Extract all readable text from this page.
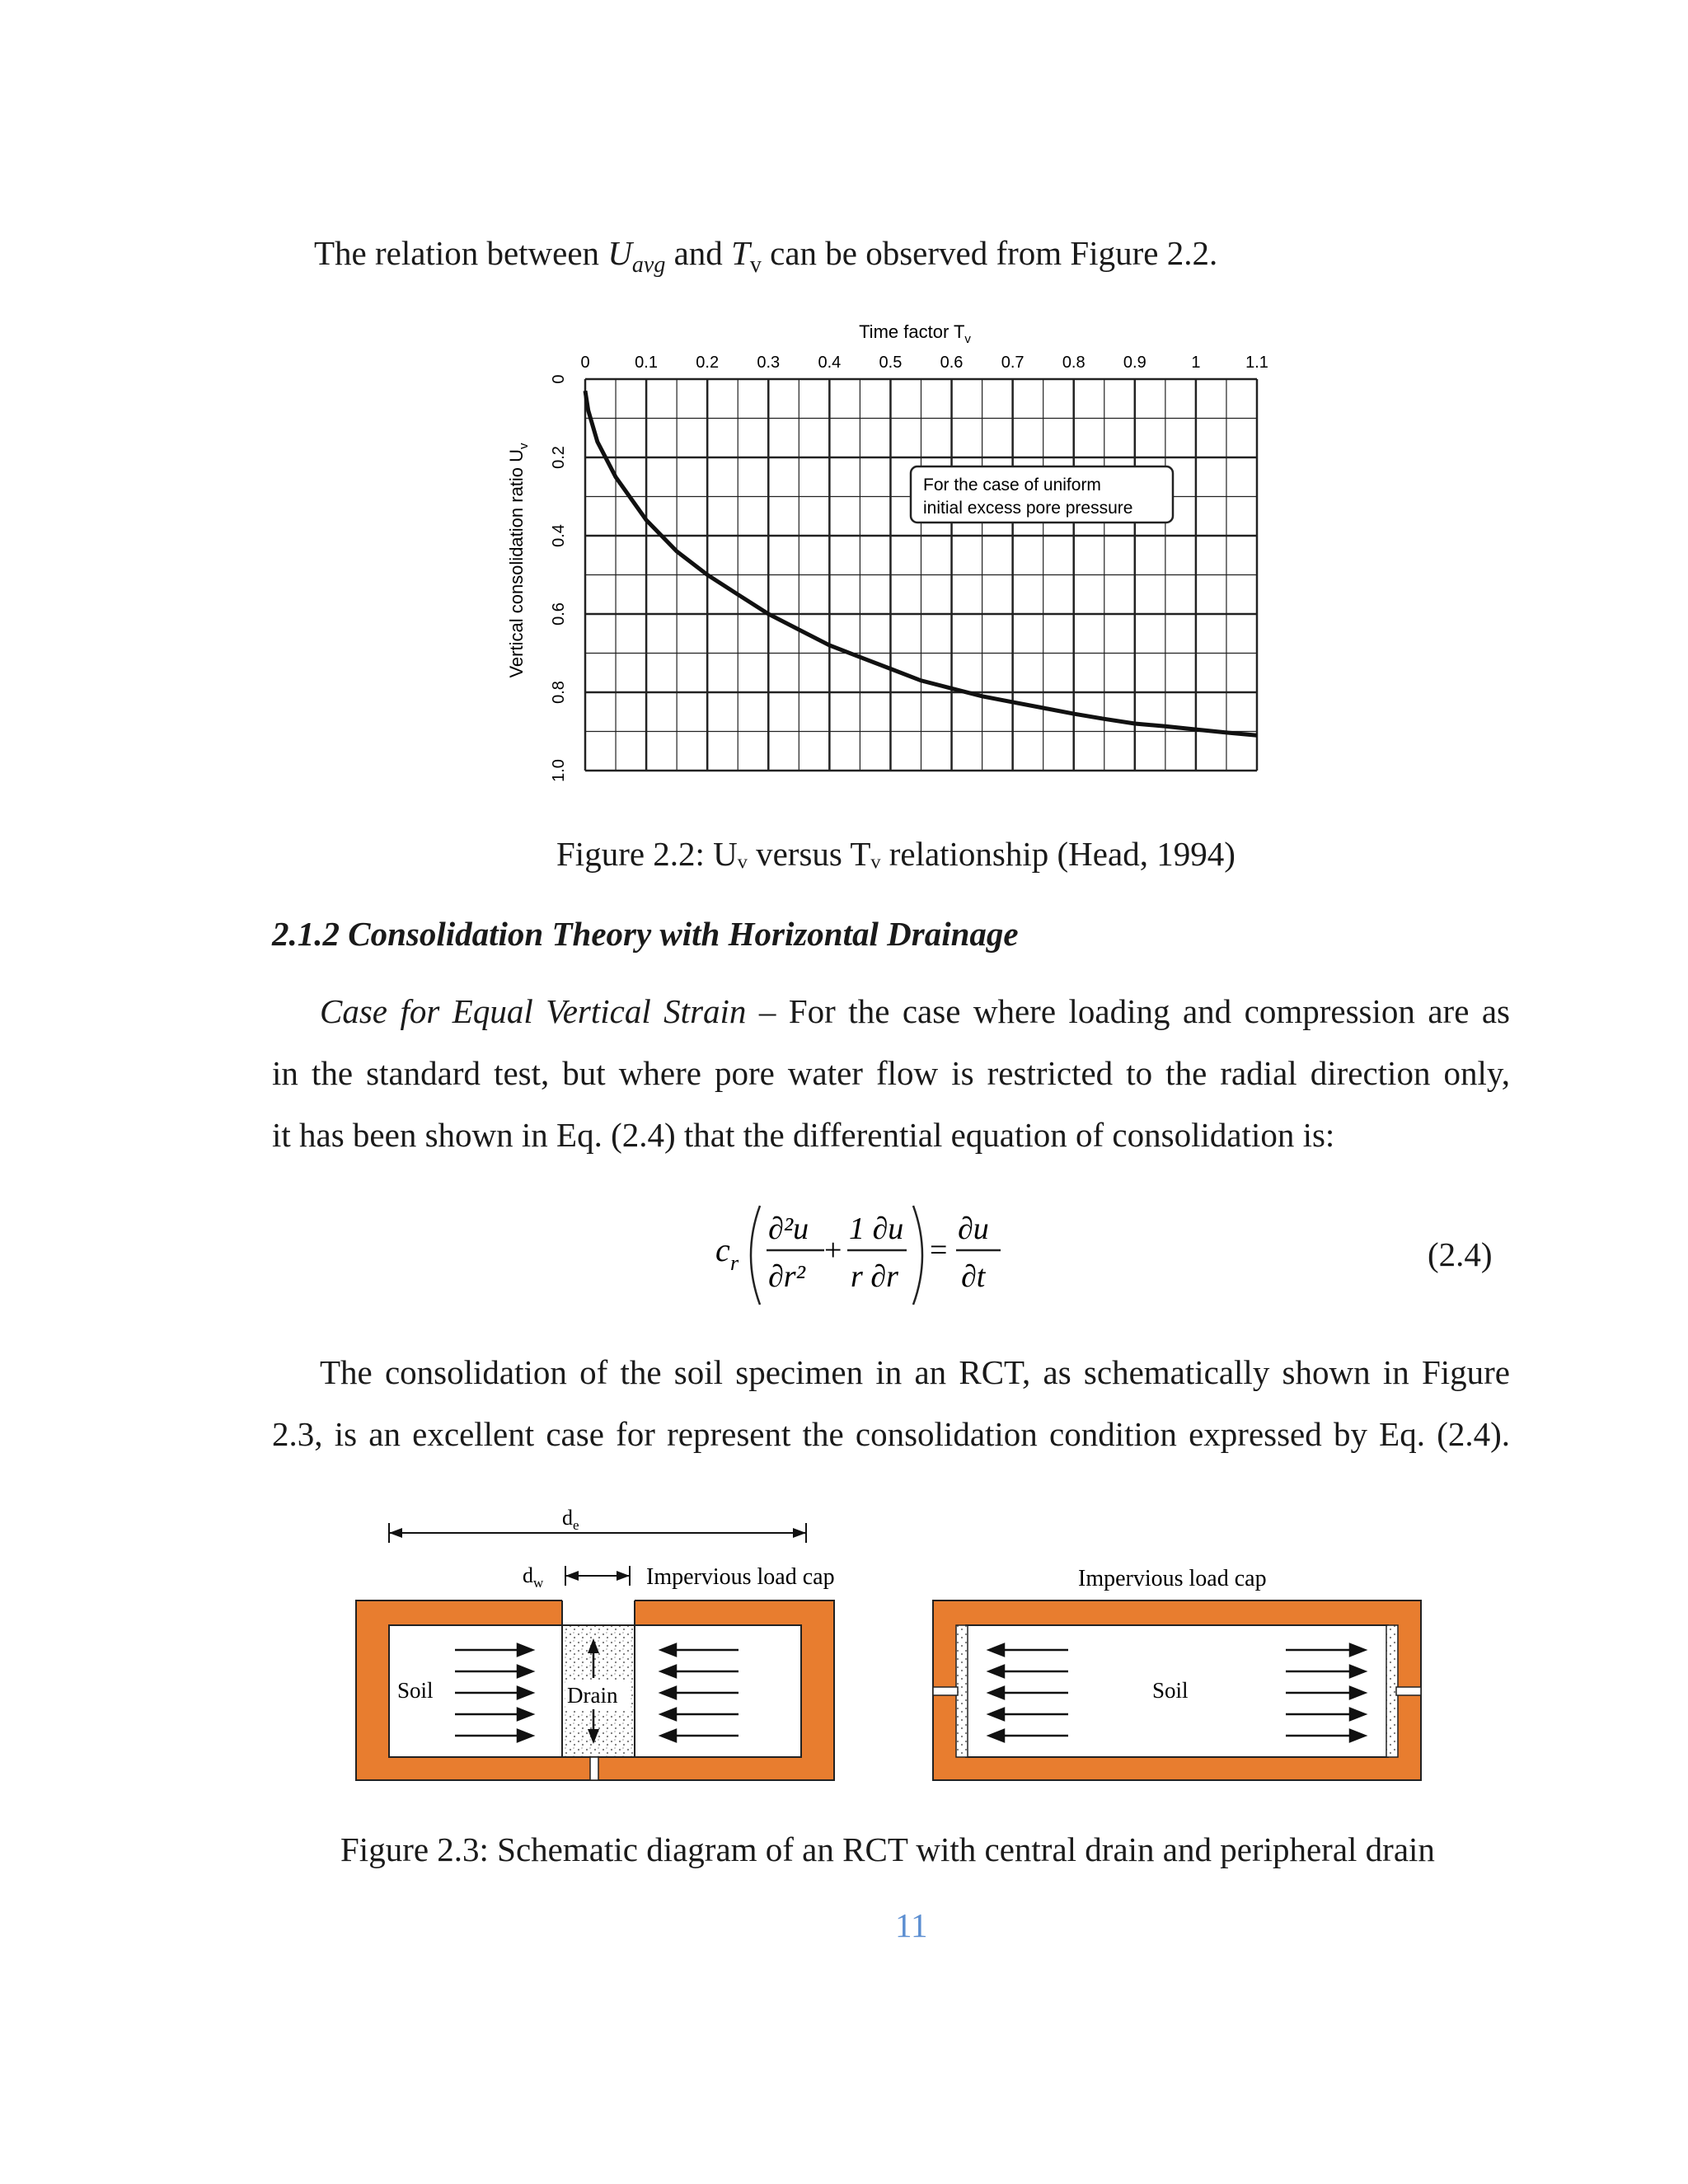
The relation between $U_{avg}$ and $T_v$ can be observed from Figure 2.2.
Time factor $T_v$
Vertical consolidation ratio $U_v$
0	0.1 0.2 0.3 0.4 0.5 0.6 0.7 0.8 0.9	1	1.1
0
0.2
0.4
0.6
0.8
1.0
For the case of uniform
initial excess pore pressure
Figure 2.2: Uᵥ versus Tᵥ relationship (Head, 1994)
2.1.2 Consolidation Theory with Horizontal Drainage
Case for Equal Vertical Strain – For the case where loading and compression are as
in the standard test, but where pore water flow is restricted to the radial direction only,
it has been shown in Eq. (2.4) that the differential equation of consolidation is:
c r
∂²u
∂r²
+
1 ∂u
r ∂r
=
∂u
∂t
(2.4)
The consolidation of the soil specimen in an RCT, as schematically shown in Figure
2.3, is an excellent case for represent the consolidation condition expressed by Eq. (2.4).
$d_e$
$d_w$	Impervious load cap
Drain
Soil
Impervious load cap
Soil
Figure 2.3: Schematic diagram of an RCT with central drain and peripheral drain
11
